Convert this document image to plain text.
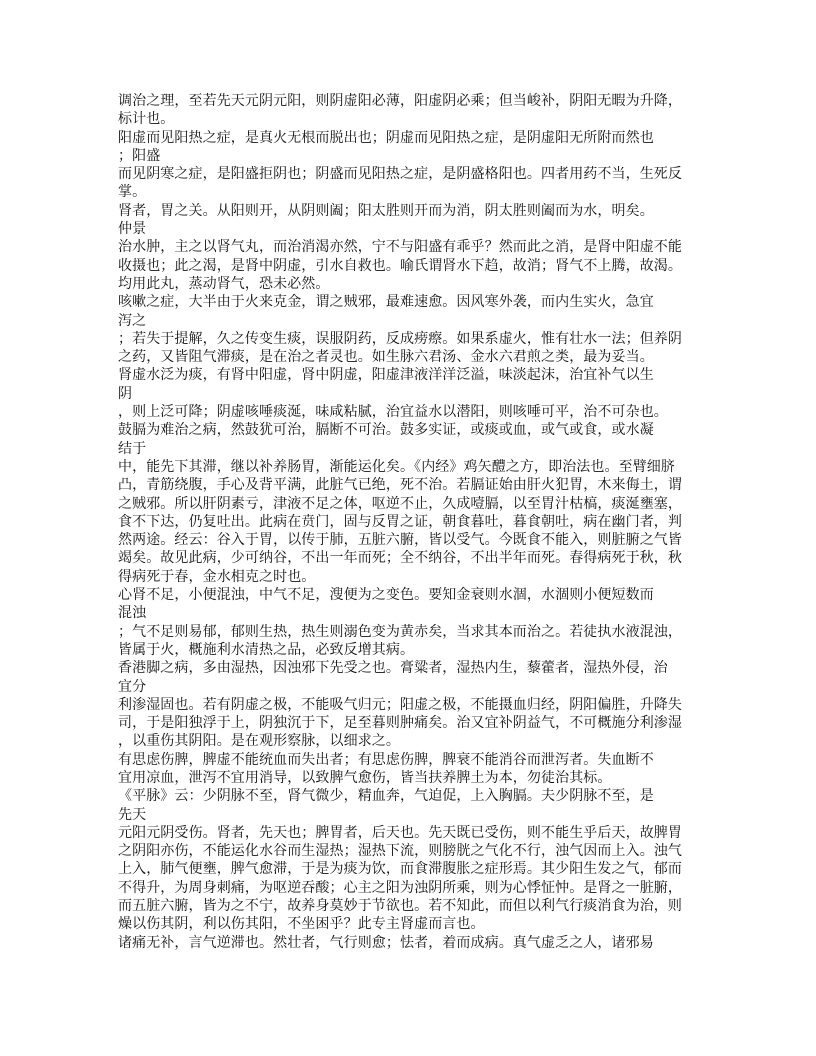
调治之理，至若先天元阴元阳，则阴虚阳必薄，阳虚阴必乘；但当峻补，阴阳无暇为升降，
标计也。
阳虚而见阳热之症，是真火无根而脱出也；阴虚而见阳热之症，是阴虚阳无所附而然也
；阳盛
而见阴寒之症，是阳盛拒阴也；阴盛而见阳热之症，是阴盛格阳也。四者用药不当，生死反
掌。
肾者，胃之关。从阳则开，从阴则阖；阳太胜则开而为消，阴太胜则阖而为水，明矣。
仲景
治水肿，主之以肾气丸，而治消渴亦然，宁不与阳盛有乖乎？然而此之消，是肾中阳虚不能
收摄也；此之渴，是肾中阴虚，引水自救也。喻氏谓肾水下趋，故消；肾气不上腾，故渴。
均用此丸，蒸动肾气，恐未必然。
咳嗽之症，大半由于火来克金，谓之贼邪，最难速愈。因风寒外袭，而内生实火，急宜
泻之
；若失于提解，久之传变生痰，误服阴药，反成痨瘵。如果系虚火，惟有壮水一法；但养阴
之药，又皆阻气滞痰，是在治之者灵也。如生脉六君汤、金水六君煎之类，最为妥当。
肾虚水泛为痰，有肾中阳虚，肾中阴虚，阳虚津液洋洋泛溢，味淡起沫，治宜补气以生
阴
，则上泛可降；阴虚咳唾痰涎，味咸粘腻，治宜益水以潜阳，则咳唾可平，治不可杂也。
鼓膈为难治之病，然鼓犹可治，膈断不可治。鼓多实证，或痰或血，或气或食，或水凝
结于
中，能先下其滞，继以补养肠胃，渐能运化矣。《内经》鸡矢醴之方，即治法也。至臂细脐
凸，青筋绕腹，手心及背平满，此脏气已绝，死不治。若膈证始由肝火犯胃，木来侮土，谓
之贼邪。所以肝阴素亏，津液不足之体，呕逆不止，久成噎膈，以至胃汁枯槁，痰涎壅塞，
食不下达，仍复吐出。此病在贲门，固与反胃之证，朝食暮吐，暮食朝吐，病在幽门者，判
然两途。经云：谷入于胃，以传于肺，五脏六腑，皆以受气。今既食不能入，则脏腑之气皆
竭矣。故见此病，少可纳谷，不出一年而死；全不纳谷，不出半年而死。春得病死于秋，秋
得病死于春，金水相克之时也。
心肾不足，小便混浊，中气不足，溲便为之变色。要知金衰则水涸，水涸则小便短数而
混浊
；气不足则易郁，郁则生热，热生则溺色变为黄赤矣，当求其本而治之。若徒执水液混浊，
皆属于火，概施利水清热之品，必致反增其病。
香港脚之病，多由湿热，因浊邪下先受之也。膏粱者，湿热内生，藜藿者，湿热外侵，治
宜分
利渗湿固也。若有阴虚之极，不能吸气归元；阳虚之极，不能摄血归经，阴阳偏胜，升降失
司，于是阳独浮于上，阴独沉于下，足至暮则肿痛矣。治又宜补阴益气，不可概施分利渗湿
，以重伤其阴阳。是在观形察脉，以细求之。
有思虑伤脾，脾虚不能统血而失出者；有思虑伤脾，脾衰不能消谷而泄泻者。失血断不
宜用凉血，泄泻不宜用消导，以致脾气愈伤，皆当扶养脾土为本，勿徒治其标。
《平脉》云：少阴脉不至，肾气微少，精血奔，气迫促，上入胸膈。夫少阴脉不至，是
先天
元阳元阴受伤。肾者，先天也；脾胃者，后天也。先天既已受伤，则不能生乎后天，故脾胃
之阴阳亦伤，不能运化水谷而生湿热；湿热下流，则膀胱之气化不行，浊气因而上入。浊气
上入，肺气便壅，脾气愈滞，于是为痰为饮，而食滞腹胀之症形焉。其少阳生发之气，郁而
不得升，为周身刺痛，为呕逆吞酸；心主之阳为浊阴所乘，则为心悸怔忡。是肾之一脏腑，
而五脏六腑，皆为之不宁，故养身莫妙于节欲也。若不知此，而但以利气行痰消食为治，则
燥以伤其阴，利以伤其阳，不坐困乎？此专主肾虚而言也。
诸痛无补，言气逆滞也。然壮者，气行则愈；怯者，着而成病。真气虚乏之人，诸邪易
